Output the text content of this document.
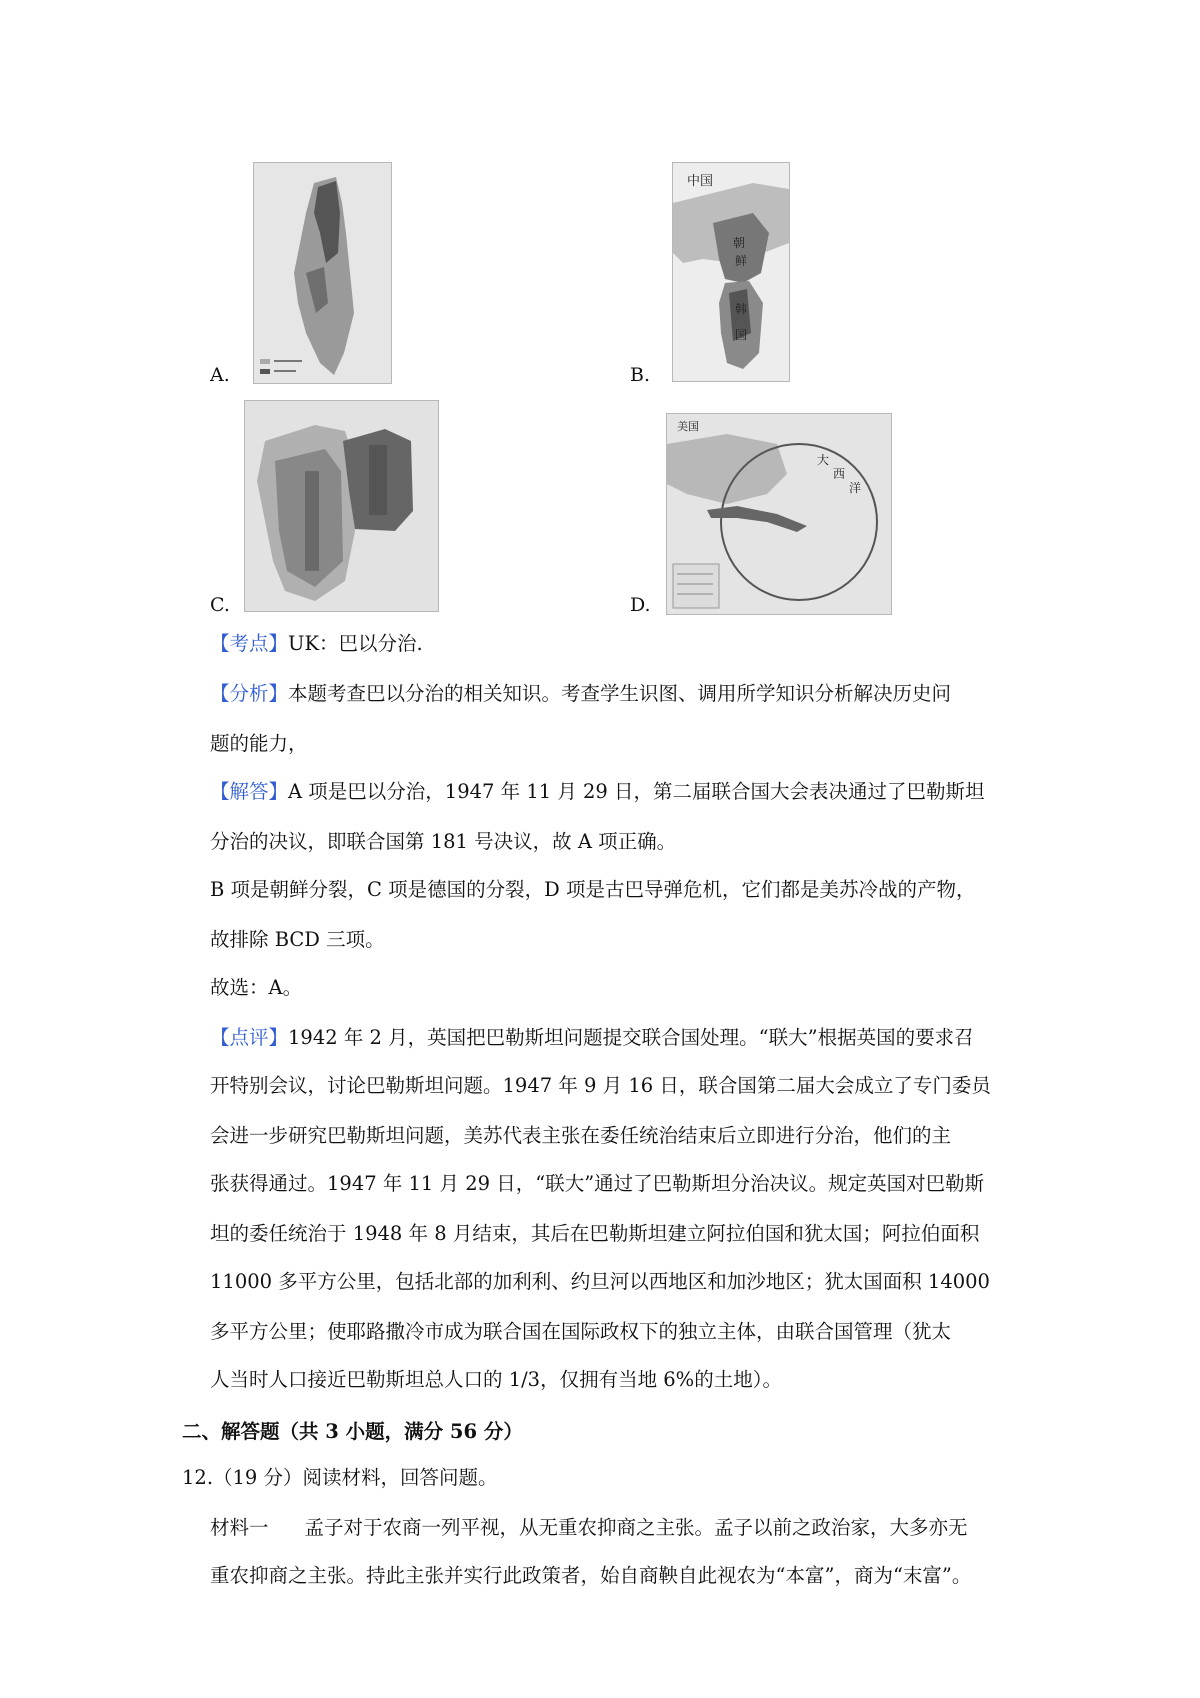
A.
中国
朝
鲜
韩
国
B.
C.
美国
大
西
洋
D.
【考点】UK：巴以分治.
【分析】本题考查巴以分治的相关知识。考查学生识图、调用所学知识分析解决历史问
题的能力，
【解答】A 项是巴以分治，1947 年 11 月 29 日，第二届联合国大会表决通过了巴勒斯坦
分治的决议，即联合国第 181 号决议，故 A 项正确。
B 项是朝鲜分裂，C 项是德国的分裂，D 项是古巴导弹危机，它们都是美苏冷战的产物，
故排除 BCD 三项。
故选：A。
【点评】1942 年 2 月，英国把巴勒斯坦问题提交联合国处理。“联大”根据英国的要求召
开特别会议，讨论巴勒斯坦问题。1947 年 9 月 16 日，联合国第二届大会成立了专门委员
会进一步研究巴勒斯坦问题，美苏代表主张在委任统治结束后立即进行分治，他们的主
张获得通过。1947 年 11 月 29 日，“联大”通过了巴勒斯坦分治决议。规定英国对巴勒斯
坦的委任统治于 1948 年 8 月结束，其后在巴勒斯坦建立阿拉伯国和犹太国；阿拉伯面积
11000 多平方公里，包括北部的加利利、约旦河以西地区和加沙地区；犹太国面积 14000
多平方公里；使耶路撒冷市成为联合国在国际政权下的独立主体，由联合国管理（犹太
人当时人口接近巴勒斯坦总人口的 1/3，仅拥有当地 6%的土地）。
二、解答题（共 3 小题，满分 56 分）
12.（19 分）阅读材料，回答问题。
材料一 孟子对于农商一列平视，从无重农抑商之主张。孟子以前之政治家，大多亦无
重农抑商之主张。持此主张并实行此政策者，始自商鞅自此视农为“本富”，商为“末富”。
